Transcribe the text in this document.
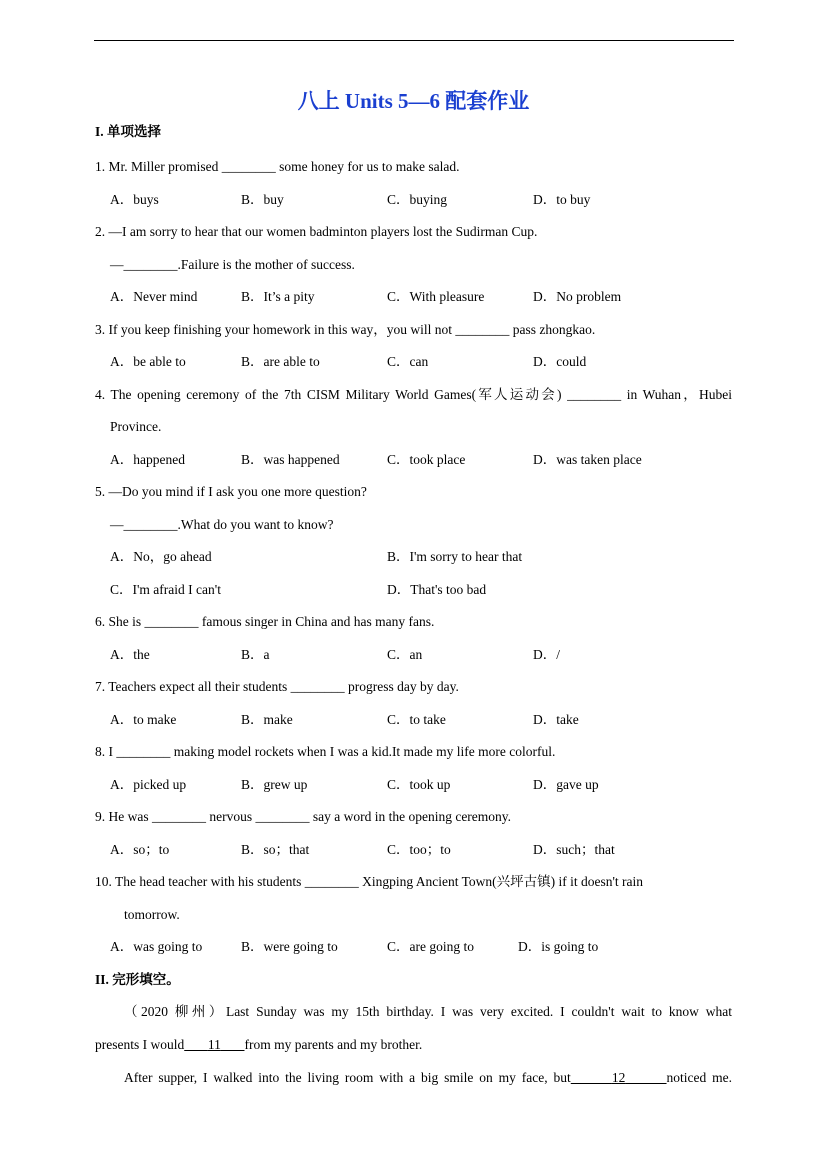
八上 Units 5—6 配套作业
I. 单项选择
1. Mr. Miller promised ________ some honey for us to make salad.
A．buys	B．buy	C．buying	D．to buy
2. —I am sorry to hear that our women badminton players lost the Sudirman Cup.
—________.Failure is the mother of success.
A．Never mind	B．It’s a pity	C．With pleasure	D．No problem
3. If you keep finishing your homework in this way，you will not ________ pass zhongkao.
A．be able to	B．are able to	C．can	D．could
4. The opening ceremony of the 7th CISM Military World Games(军人运动会) ________ in Wuhan，Hubei
Province.
A．happened	B．was happened	C．took place	D．was taken place
5. —Do you mind if I ask you one more question?
—________.What do you want to know?
A．No，go ahead	B．I'm sorry to hear that
C．I'm afraid I can't	D．That's too bad
6. She is ________ famous singer in China and has many fans.
A．the	B．a	C．an	D．/
7. Teachers expect all their students ________ progress day by day.
A．to make	B．make	C．to take	D．take
8. I ________ making model rockets when I was a kid.It made my life more colorful.
A．picked up	B．grew up	C．took up	D．gave up
9. He was ________ nervous ________ say a word in the opening ceremony.
A．so；to	B．so；that	C．too；to	D．such；that
10. The head teacher with his students ________ Xingping Ancient Town(兴坪古镇) if it doesn't rain
tomorrow.
A．was going to	B．were going to	C．are going to	D．is going to
II. 完形填空。
（2020 柳州）Last Sunday was my 15th birthday. I was very excited. I couldn't wait to know what
presents I would 11 from my parents and my brother.
After supper, I walked into the living room with a big smile on my face, but	12	noticed me.
